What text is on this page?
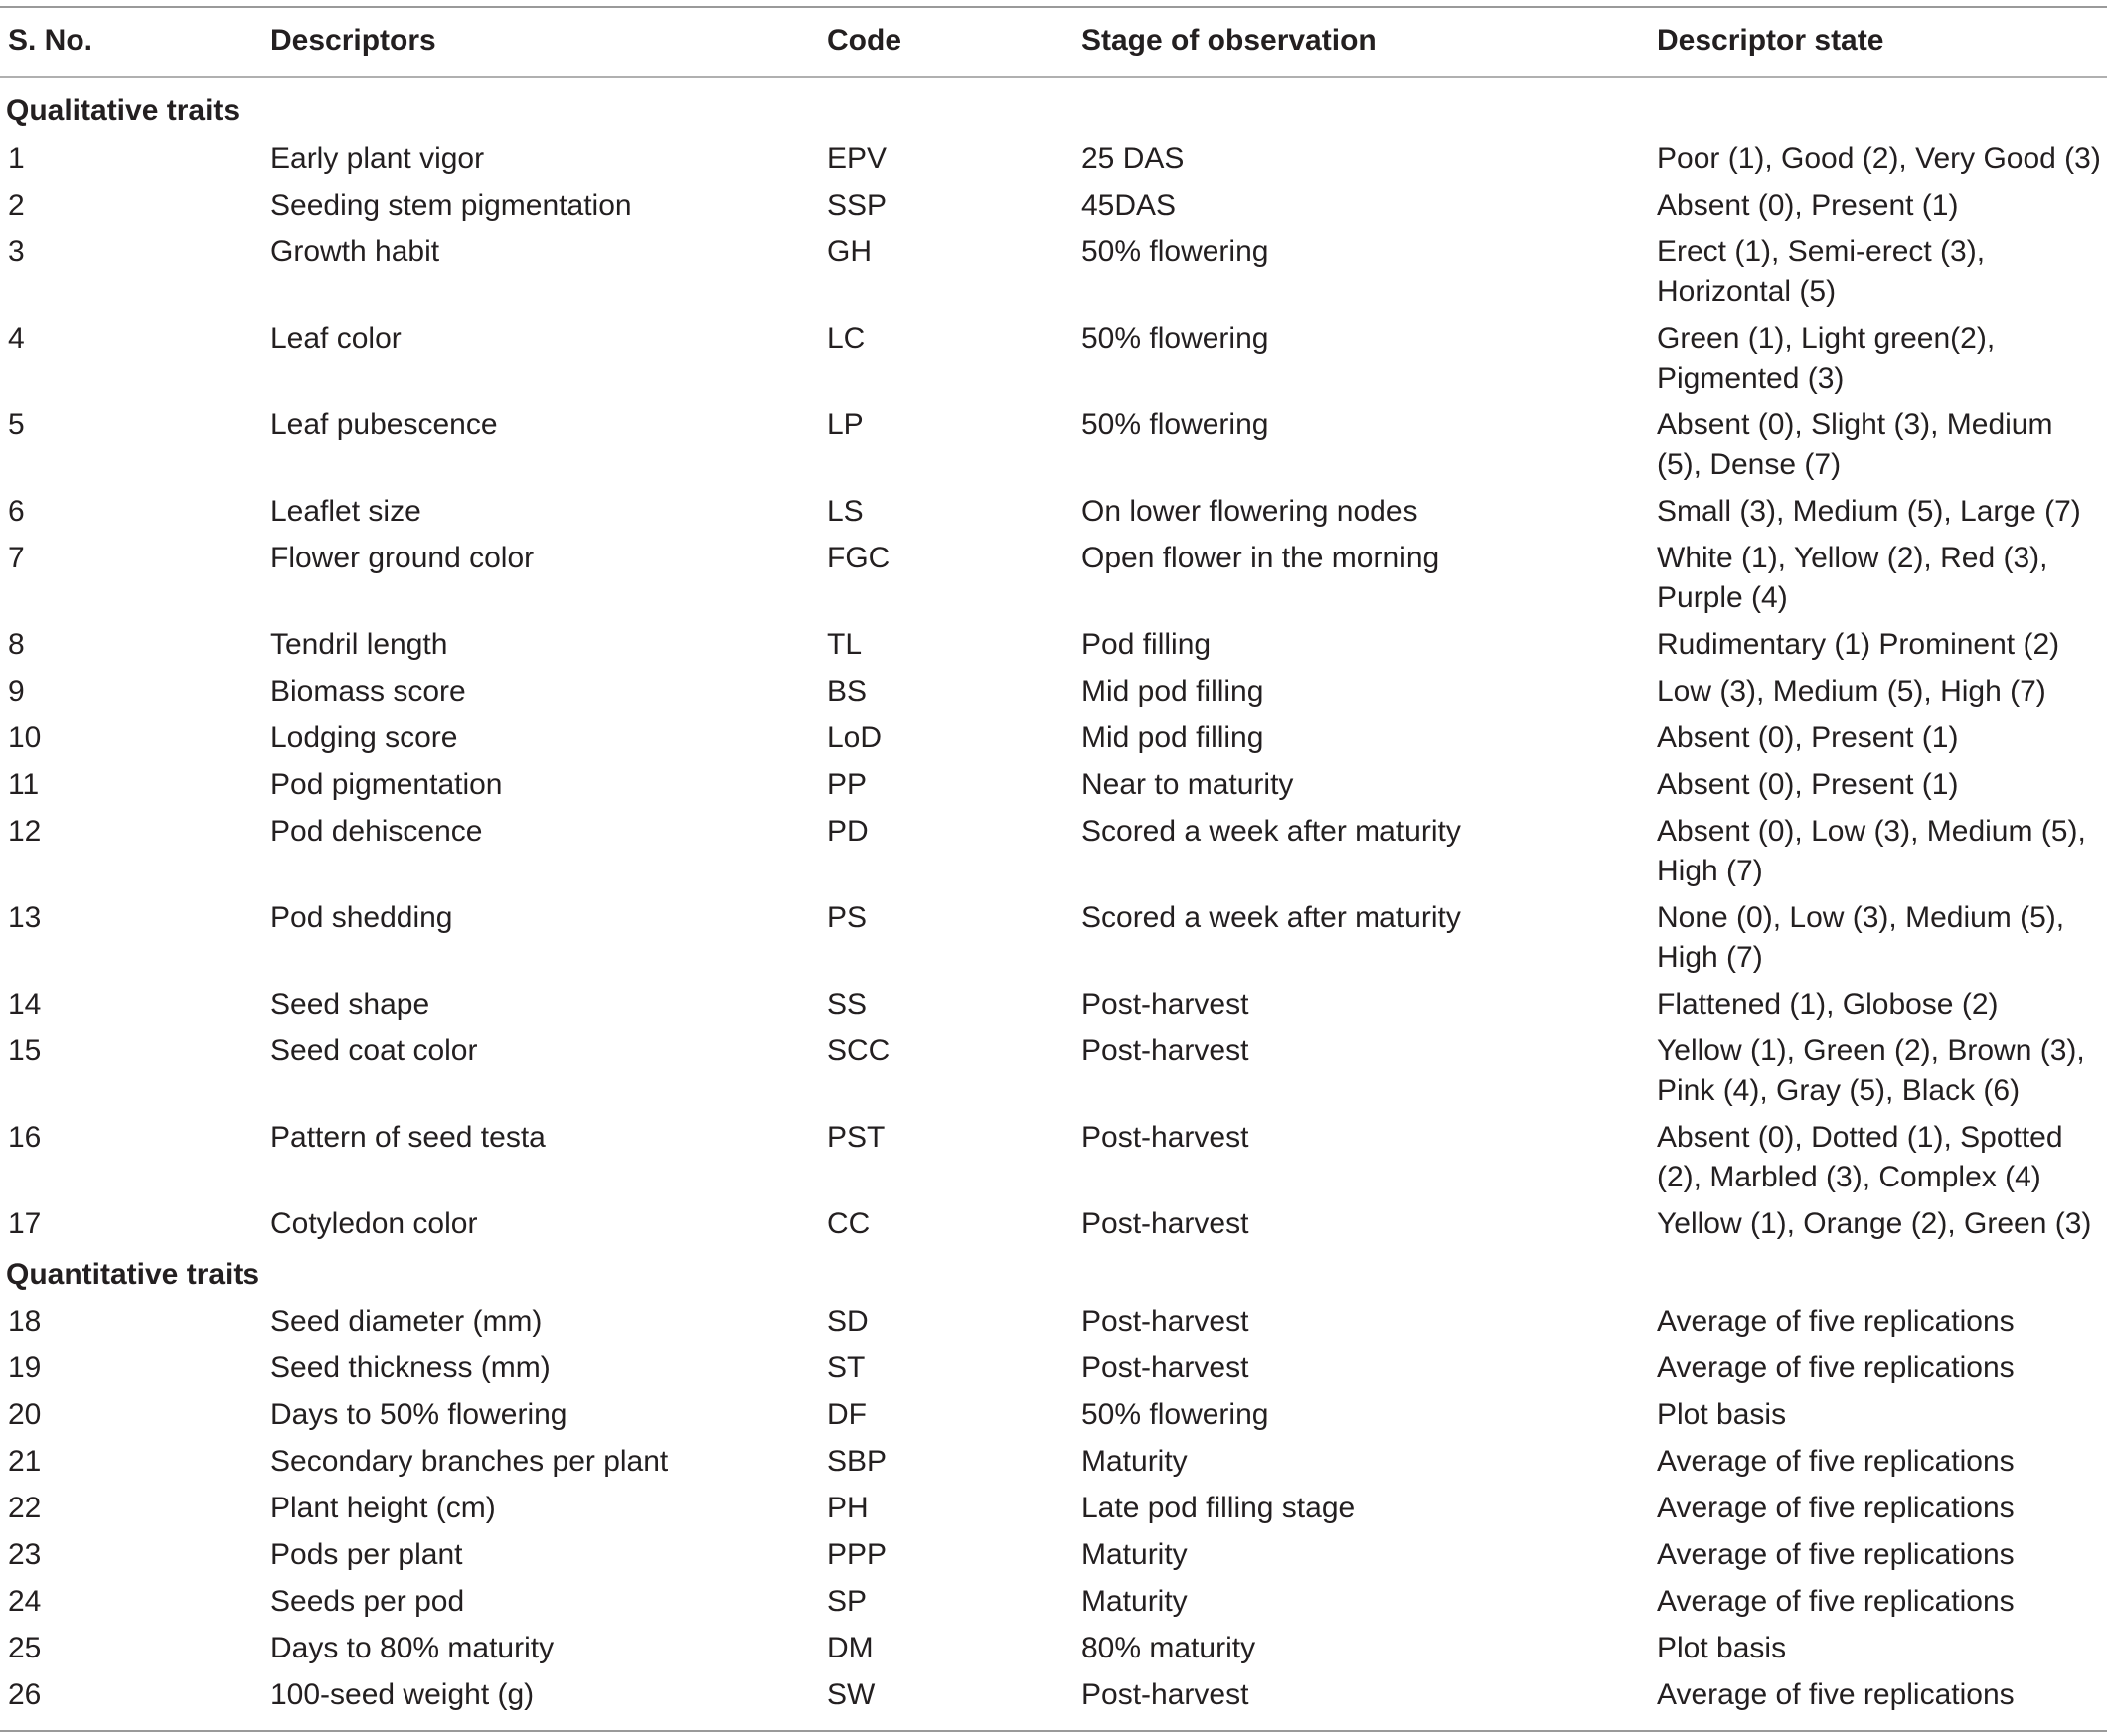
S. No.	Descriptors	Code	Stage of observation	Descriptor state
Qualitative traits
1	Early plant vigor	EPV	25 DAS	Poor (1), Good (2), Very Good (3)
2	Seeding stem pigmentation	SSP	45DAS	Absent (0), Present (1)
3	Growth habit	GH	50% flowering	Erect (1), Semi-erect (3), Horizontal (5)
4	Leaf color	LC	50% flowering	Green (1), Light green(2), Pigmented (3)
5	Leaf pubescence	LP	50% flowering	Absent (0), Slight (3), Medium (5), Dense (7)
6	Leaflet size	LS	On lower flowering nodes	Small (3), Medium (5), Large (7)
7	Flower ground color	FGC	Open flower in the morning	White (1), Yellow (2), Red (3), Purple (4)
8	Tendril length	TL	Pod filling	Rudimentary (1) Prominent (2)
9	Biomass score	BS	Mid pod filling	Low (3), Medium (5), High (7)
10	Lodging score	LoD	Mid pod filling	Absent (0), Present (1)
11	Pod pigmentation	PP	Near to maturity	Absent (0), Present (1)
12	Pod dehiscence	PD	Scored a week after maturity	Absent (0), Low (3), Medium (5), High (7)
13	Pod shedding	PS	Scored a week after maturity	None (0), Low (3), Medium (5), High (7)
14	Seed shape	SS	Post-harvest	Flattened (1), Globose (2)
15	Seed coat color	SCC	Post-harvest	Yellow (1), Green (2), Brown (3), Pink (4), Gray (5), Black (6)
16	Pattern of seed testa	PST	Post-harvest	Absent (0), Dotted (1), Spotted (2), Marbled (3), Complex (4)
17	Cotyledon color	CC	Post-harvest	Yellow (1), Orange (2), Green (3)
Quantitative traits
18	Seed diameter (mm)	SD	Post-harvest	Average of five replications
19	Seed thickness (mm)	ST	Post-harvest	Average of five replications
20	Days to 50% flowering	DF	50% flowering	Plot basis
21	Secondary branches per plant	SBP	Maturity	Average of five replications
22	Plant height (cm)	PH	Late pod filling stage	Average of five replications
23	Pods per plant	PPP	Maturity	Average of five replications
24	Seeds per pod	SP	Maturity	Average of five replications
25	Days to 80% maturity	DM	80% maturity	Plot basis
26	100-seed weight (g)	SW	Post-harvest	Average of five replications
